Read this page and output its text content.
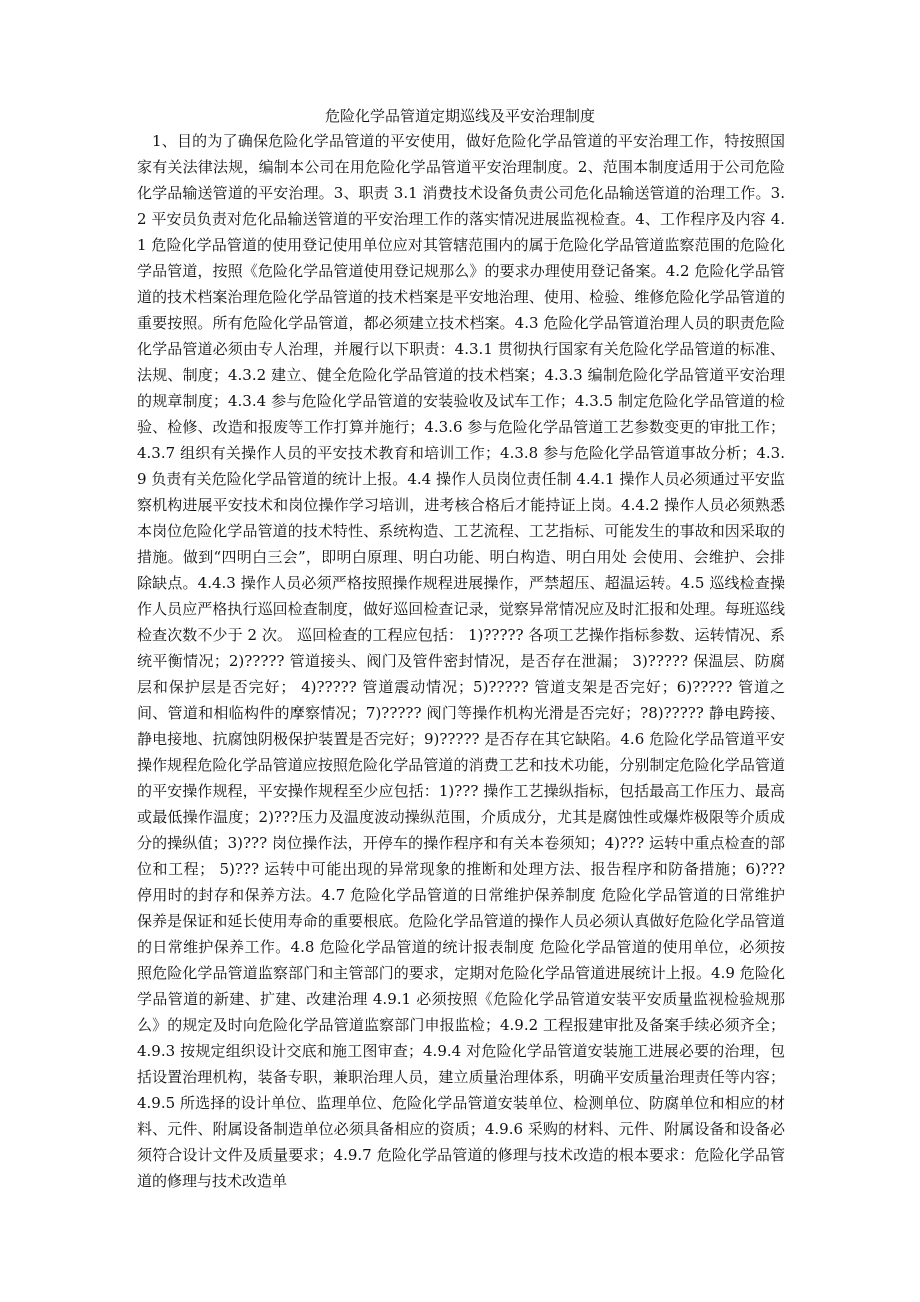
危险化学品管道定期巡线及平安治理制度

1、目的为了确保危险化学品管道的平安使用，做好危险化学品管道的平安治理工作，特按照国家有关法律法规，编制本公司在用危险化学品管道平安治理制度。2、范围本制度适用于公司危险化学品输送管道的平安治理。3、职责 3.1 消费技术设备负责公司危化品输送管道的治理工作。3.2 平安员负责对危化品输送管道的平安治理工作的落实情况进展监视检查。4、工作程序及内容 4.1 危险化学品管道的使用登记使用单位应对其管辖范围内的属于危险化学品管道监察范围的危险化学品管道，按照《危险化学品管道使用登记规那么》的要求办理使用登记备案。4.2 危险化学品管道的技术档案治理危险化学品管道的技术档案是平安地治理、使用、检验、维修危险化学品管道的重要按照。所有危险化学品管道，都必须建立技术档案。4.3 危险化学品管道治理人员的职责危险化学品管道必须由专人治理，并履行以下职责：4.3.1 贯彻执行国家有关危险化学品管道的标准、法规、制度；4.3.2 建立、健全危险化学品管道的技术档案；4.3.3 编制危险化学品管道平安治理的规章制度；4.3.4 参与危险化学品管道的安装验收及试车工作；4.3.5 制定危险化学品管道的检验、检修、改造和报废等工作打算并施行；4.3.6 参与危险化学品管道工艺参数变更的审批工作；4.3.7 组织有关操作人员的平安技术教育和培训工作；4.3.8 参与危险化学品管道事故分析；4.3.9 负责有关危险化学品管道的统计上报。4.4 操作人员岗位责任制 4.4.1 操作人员必须通过平安监察机构进展平安技术和岗位操作学习培训，进考核合格后才能持证上岗。4.4.2 操作人员必须熟悉本岗位危险化学品管道的技术特性、系统构造、工艺流程、工艺指标、可能发生的事故和因采取的措施。做到“四明白三会”，即明白原理、明白功能、明白构造、明白用处 会使用、会维护、会排除缺点。4.4.3 操作人员必须严格按照操作规程进展操作，严禁超压、超温运转。4.5 巡线检查操作人员应严格执行巡回检查制度，做好巡回检查记录，觉察异常情况应及时汇报和处理。每班巡线检查次数不少于 2 次。 巡回检查的工程应包括： 1)????? 各项工艺操作指标参数、运转情况、系统平衡情况；2)????? 管道接头、阀门及管件密封情况，是否存在泄漏； 3)????? 保温层、防腐层和保护层是否完好； 4)????? 管道震动情况；5)????? 管道支架是否完好；6)????? 管道之间、管道和相临构件的摩察情况；7)????? 阀门等操作机构光滑是否完好；?8)????? 静电跨接、静电接地、抗腐蚀阴极保护装置是否完好；9)????? 是否存在其它缺陷。4.6 危险化学品管道平安操作规程危险化学品管道应按照危险化学品管道的消费工艺和技术功能，分别制定危险化学品管道的平安操作规程，平安操作规程至少应包括：1)??? 操作工艺操纵指标，包括最高工作压力、最高或最低操作温度；2)???压力及温度波动操纵范围，介质成分，尤其是腐蚀性或爆炸极限等介质成分的操纵值；3)??? 岗位操作法，开停车的操作程序和有关本卷须知；4)??? 运转中重点检查的部位和工程； 5)??? 运转中可能出现的异常现象的推断和处理方法、报告程序和防备措施；6)??? 停用时的封存和保养方法。4.7 危险化学品管道的日常维护保养制度 危险化学品管道的日常维护保养是保证和延长使用寿命的重要根底。危险化学品管道的操作人员必须认真做好危险化学品管道的日常维护保养工作。4.8 危险化学品管道的统计报表制度 危险化学品管道的使用单位，必须按照危险化学品管道监察部门和主管部门的要求，定期对危险化学品管道进展统计上报。4.9 危险化学品管道的新建、扩建、改建治理 4.9.1 必须按照《危险化学品管道安装平安质量监视检验规那么》的规定及时向危险化学品管道监察部门申报监检；4.9.2 工程报建审批及备案手续必须齐全；4.9.3 按规定组织设计交底和施工图审查；4.9.4 对危险化学品管道安装施工进展必要的治理，包括设置治理机构，装备专职，兼职治理人员，建立质量治理体系，明确平安质量治理责任等内容；4.9.5 所选择的设计单位、监理单位、危险化学品管道安装单位、检测单位、防腐单位和相应的材料、元件、附属设备制造单位必须具备相应的资质；4.9.6 采购的材料、元件、附属设备和设备必须符合设计文件及质量要求；4.9.7 危险化学品管道的修理与技术改造的根本要求：危险化学品管道的修理与技术改造单
